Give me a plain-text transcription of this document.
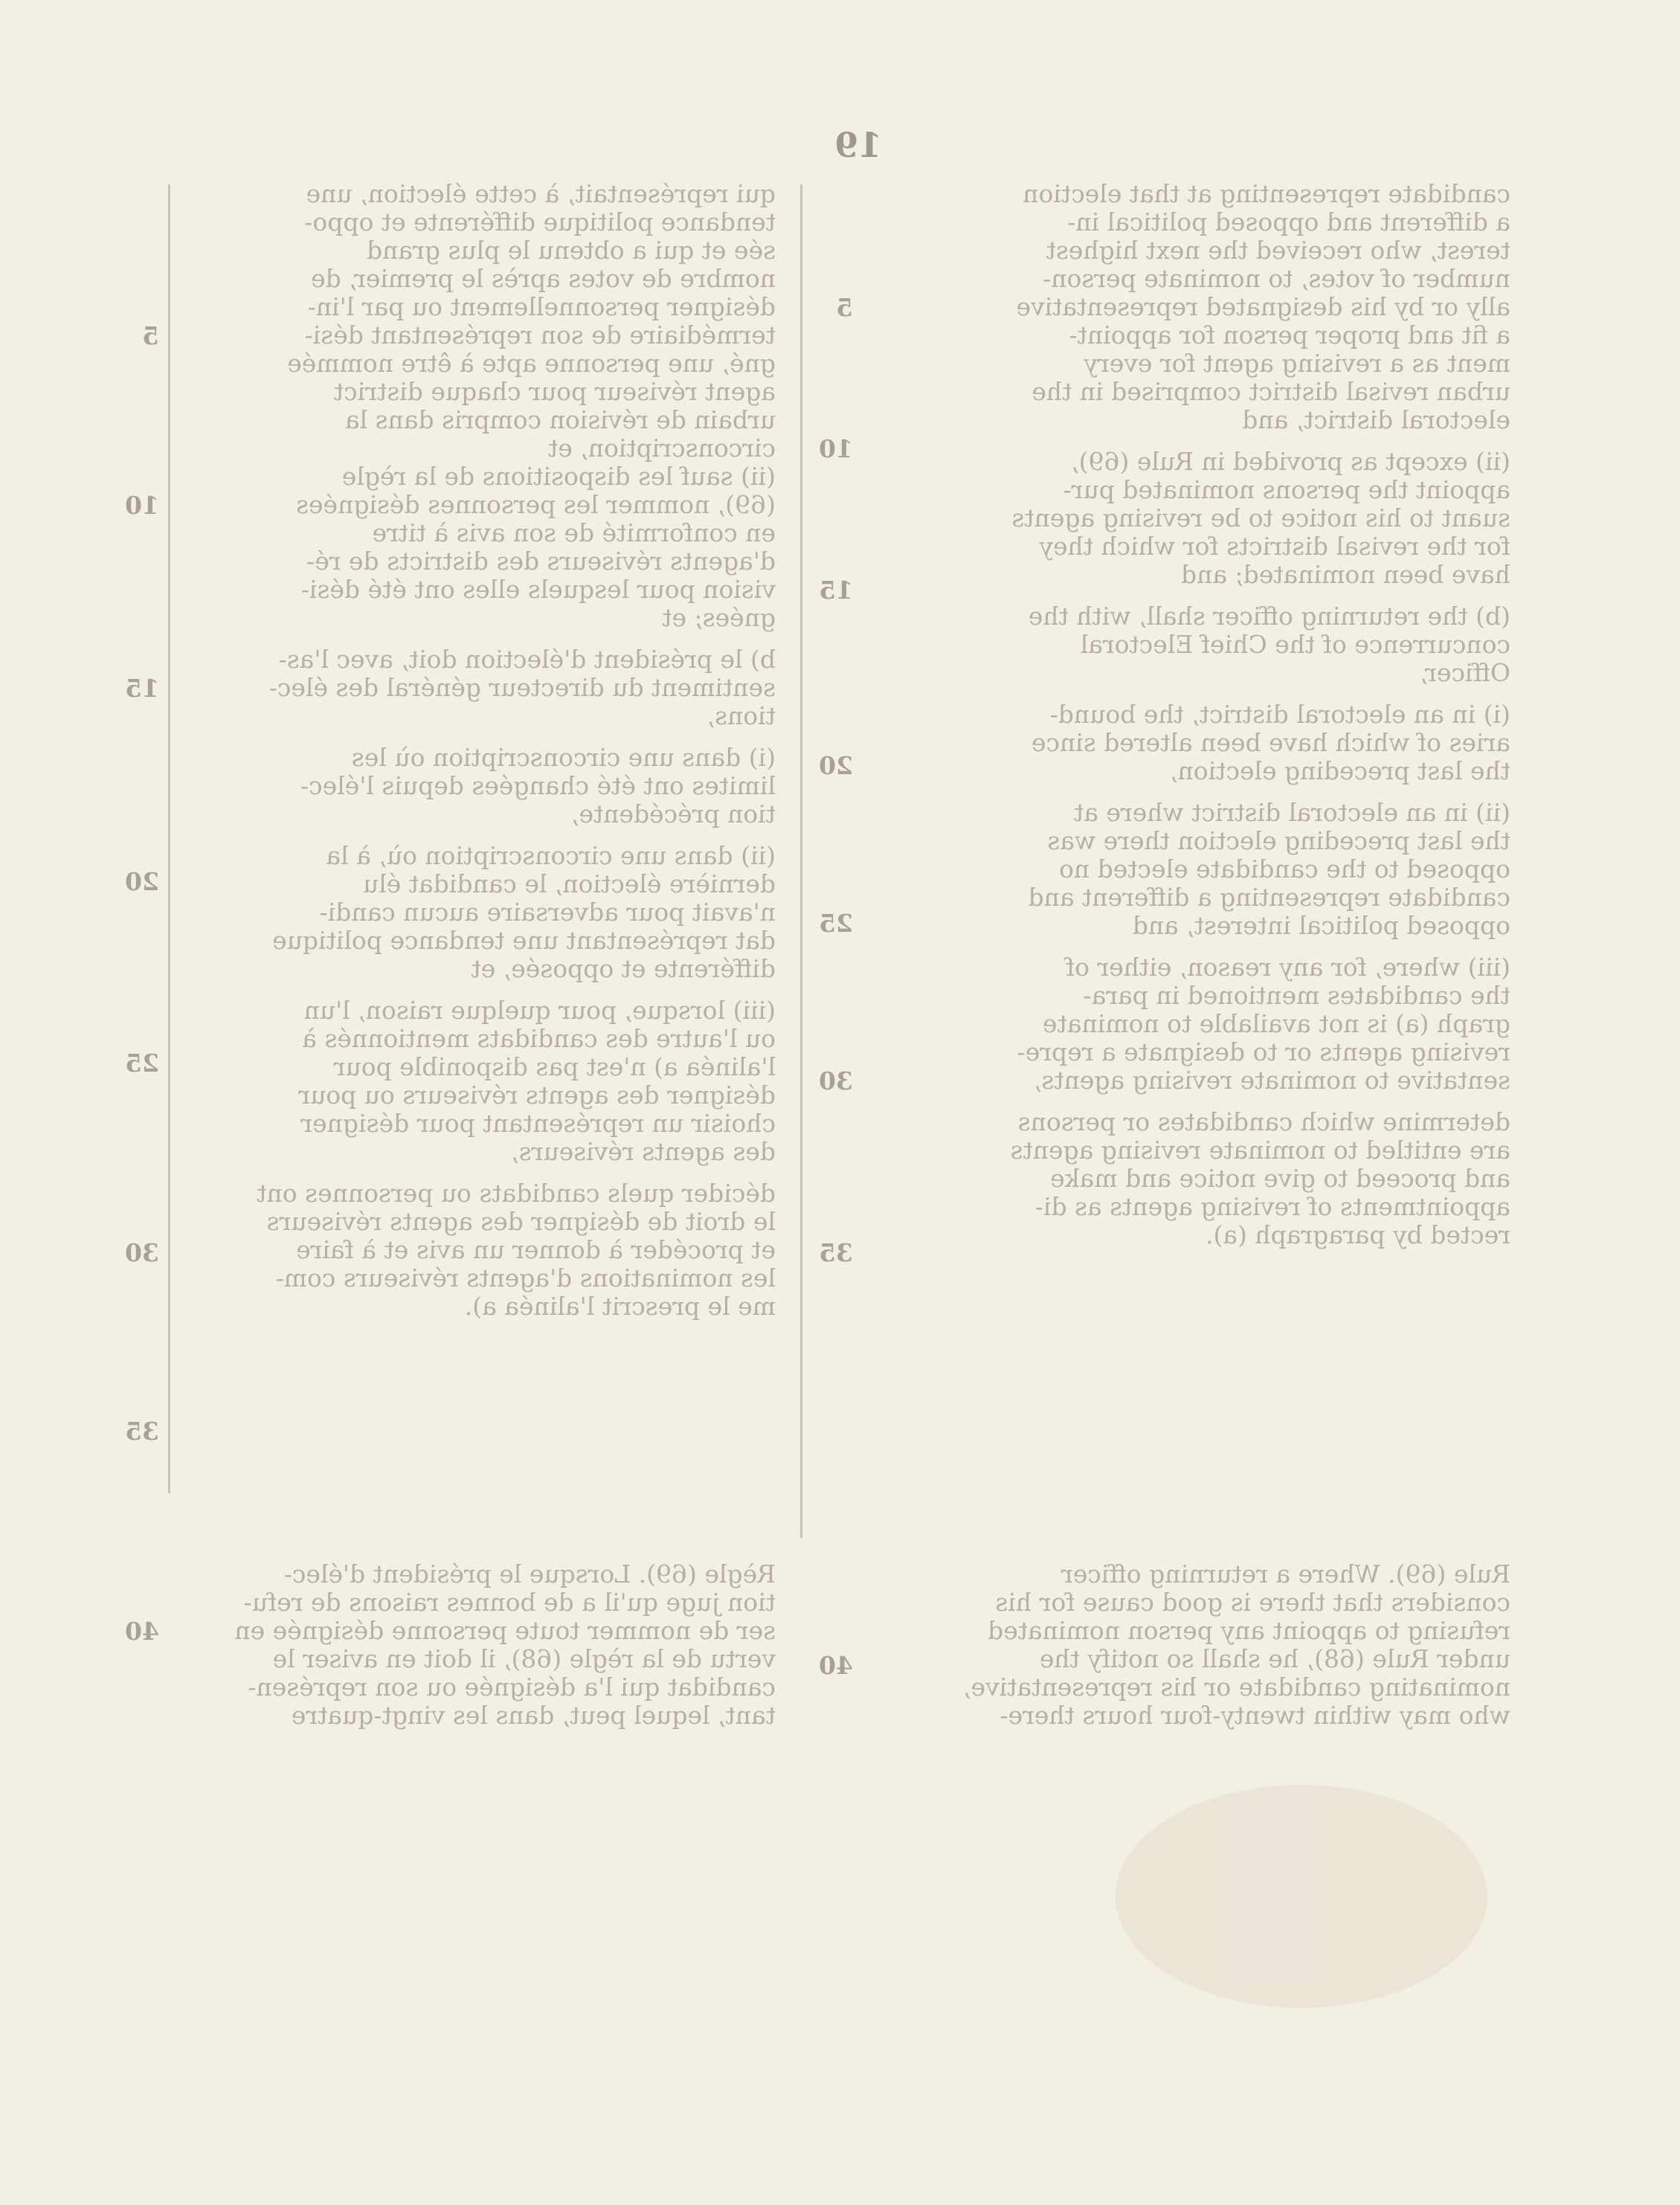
19
candidate representing at that election
a different and opposed political in-
terest, who received the next highest
number of votes, to nominate person-
ally or by his designated representative
a fit and proper person for appoint-
ment as a revising agent for every
urban revisal district comprised in the
electoral district, and
(ii) except as provided in Rule (69),
appoint the persons nominated pur-
suant to his notice to be revising agents
for the revisal districts for which they
have been nominated; and
(b) the returning officer shall, with the
concurrence of the Chief Electoral
Officer,
(i) in an electoral district, the bound-
aries of which have been altered since
the last preceding election,
(ii) in an electoral district where at
the last preceding election there was
opposed to the candidate elected no
candidate representing a different and
opposed political interest, and
(iii) where, for any reason, either of
the candidates mentioned in para-
graph (a) is not available to nominate
revising agents or to designate a repre-
sentative to nominate revising agents,
determine which candidates or persons
are entitled to nominate revising agents
and proceed to give notice and make
appointments of revising agents as di-
rected by paragraph (a).
5
10
15
20
25
30
35
40
qui représentait, à cette élection, une
tendance politique différente et oppo-
sée et qui a obtenu le plus grand
nombre de votes après le premier, de
désigner personnellement ou par l'in-
termédiaire de son représentant dési-
gné, une personne apte à être nommée
agent réviseur pour chaque district
urbain de révision compris dans la
circonscription, et
(ii) sauf les dispositions de la règle
(69), nommer les personnes désignées
en conformité de son avis à titre
d'agents réviseurs des districts de ré-
vision pour lesquels elles ont été dési-
gnées; et
b) le président d'élection doit, avec l'as-
sentiment du directeur général des élec-
tions,
(i) dans une circonscription où les
limites ont été changées depuis l'élec-
tion précédente,
(ii) dans une circonscription où, à la
dernière élection, le candidat élu
n'avait pour adversaire aucun candi-
dat représentant une tendance politique
différente et opposée, et
(iii) lorsque, pour quelque raison, l'un
ou l'autre des candidats mentionnés à
l'alinéa a) n'est pas disponible pour
désigner des agents réviseurs ou pour
choisir un représentant pour désigner
des agents réviseurs,
décider quels candidats ou personnes ont
le droit de désigner des agents réviseurs
et procéder à donner un avis et à faire
les nominations d'agents réviseurs com-
me le prescrit l'alinéa a).
5
10
15
20
25
30
35
40
Rule (69). Where a returning officer
considers that there is good cause for his
refusing to appoint any person nominated
under Rule (68), he shall so notify the
nominating candidate or his representative,
who may within twenty-four hours there-
Règle (69). Lorsque le président d'élec-
tion juge qu'il a de bonnes raisons de refu-
ser de nommer toute personne désignée en
vertu de la règle (68), il doit en aviser le
candidat qui l'a désignée ou son représen-
tant, lequel peut, dans les vingt-quatre
